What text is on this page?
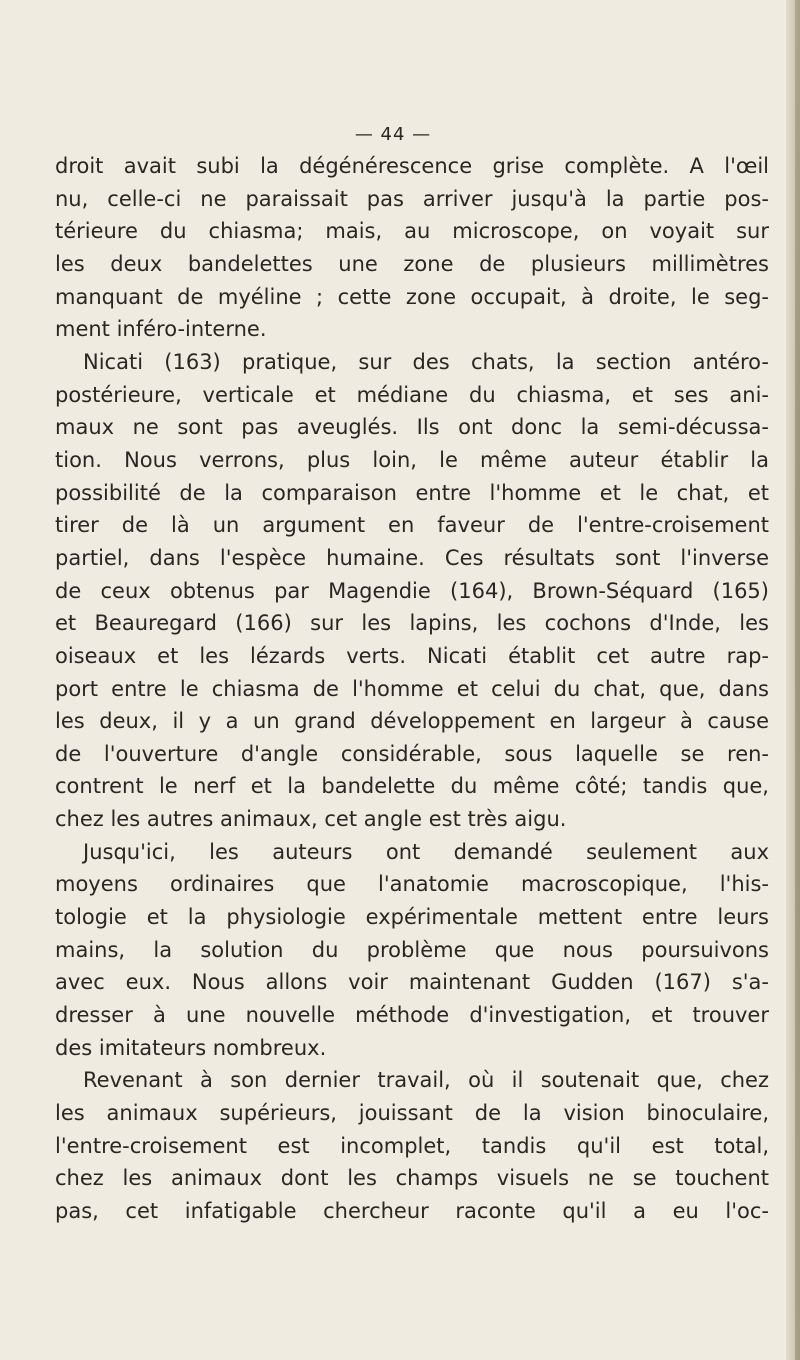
— 44 —

droit avait subi la dégénérescence grise complète. A l'œil

nu, celle-ci ne paraissait pas arriver jusqu'à la partie pos-

térieure du chiasma; mais, au microscope, on voyait sur

les deux bandelettes une zone de plusieurs millimètres

manquant de myéline ; cette zone occupait, à droite, le seg-

ment inféro-interne.

Nicati (163) pratique, sur des chats, la section antéro-

postérieure, verticale et médiane du chiasma, et ses ani-

maux ne sont pas aveuglés. Ils ont donc la semi-décussa-

tion. Nous verrons, plus loin, le même auteur établir la

possibilité de la comparaison entre l'homme et le chat, et

tirer de là un argument en faveur de l'entre-croisement

partiel, dans l'espèce humaine. Ces résultats sont l'inverse

de ceux obtenus par Magendie (164), Brown-Séquard (165)

et Beauregard (166) sur les lapins, les cochons d'Inde, les

oiseaux et les lézards verts. Nicati établit cet autre rap-

port entre le chiasma de l'homme et celui du chat, que, dans

les deux, il y a un grand développement en largeur à cause

de l'ouverture d'angle considérable, sous laquelle se ren-

contrent le nerf et la bandelette du même côté; tandis que,

chez les autres animaux, cet angle est très aigu.

Jusqu'ici, les auteurs ont demandé seulement aux

moyens ordinaires que l'anatomie macroscopique, l'his-

tologie et la physiologie expérimentale mettent entre leurs

mains, la solution du problème que nous poursuivons

avec eux. Nous allons voir maintenant Gudden (167) s'a-

dresser à une nouvelle méthode d'investigation, et trouver

des imitateurs nombreux.

Revenant à son dernier travail, où il soutenait que, chez

les animaux supérieurs, jouissant de la vision binoculaire,

l'entre-croisement est incomplet, tandis qu'il est total,

chez les animaux dont les champs visuels ne se touchent

pas, cet infatigable chercheur raconte qu'il a eu l'oc-
